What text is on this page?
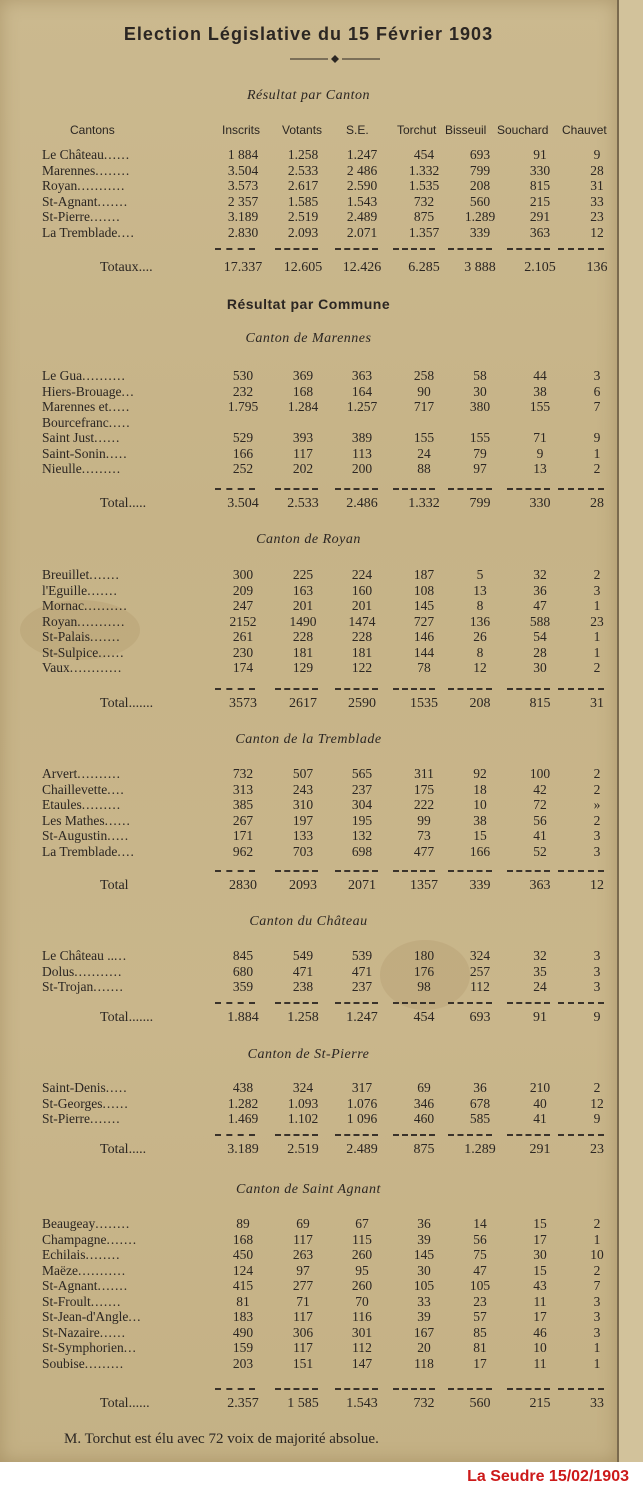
Election Législative du 15 Février 1903
Cantons	Inscrits Votants S.E. Torchut Bisseuil Souchard Chauvet
Résultat par Canton
Le Château......	1 884	1.258	1.247	454	693	91	9
Marennes........	3.504	2.533	2 486	1.332	799	330	28
Royan...........	3.573	2.617	2.590	1.535	208	815	31
St-Agnant.......	2 357	1.585	1.543	732	560	215	33
St-Pierre.......	3.189	2.519	2.489	875	1.289	291	23
La Tremblade....	2.830	2.093	2.071	1.357	339	363	12
Totaux....	17.337	12.605	12.426	6.285	3 888	2.105	136
Résultat par Commune
Canton de Marennes
Le Gua..........	530	369	363	258	58	44	3
Hiers-Brouage...	232	168	164	90	30	38	6
Marennes et.....	1.795	1.284	1.257	717	380	155	7
Bourcefranc.....
Saint Just......	529	393	389	155	155	71	9
Saint-Sonin.....	166	117	113	24	79	9	1
Nieulle.........	252	202	200	88	97	13	2
Total.....	3.504	2.533	2.486	1.332	799	330	28
Canton de Royan
Breuillet.......	300	225	224	187	5	32	2
l'Eguille.......	209	163	160	108	13	36	3
Mornac..........	247	201	201	145	8	47	1
Royan...........	2152	1490	1474	727	136	588	23
St-Palais.......	261	228	228	146	26	54	1
St-Sulpice......	230	181	181	144	8	28	1
Vaux............	174	129	122	78	12	30	2
Total.......	3573	2617	2590	1535	208	815	31
Canton de la Tremblade
Arvert..........	732	507	565	311	92	100	2
Chaillevette....	313	243	237	175	18	42	2
Etaules.........	385	310	304	222	10	72	»
Les Mathes......	267	197	195	99	38	56	2
St-Augustin.....	171	133	132	73	15	41	3
La Tremblade....	962	703	698	477	166	52	3
Total	2830	2093	2071	1357	339	363	12
Canton du Château
Le Château .....	845	549	539	180	324	32	3
Dolus...........	680	471	471	176	257	35	3
St-Trojan.......	359	238	237	98	112	24	3
Total.......	1.884	1.258	1.247	454	693	91	9
Canton de St-Pierre
Saint-Denis.....	438	324	317	69	36	210	2
St-Georges......	1.282	1.093	1.076	346	678	40	12
St-Pierre.......	1.469	1.102	1 096	460	585	41	9
Total.....	3.189	2.519	2.489	875	1.289	291	23
Canton de Saint Agnant
Beaugeay........	89	69	67	36	14	15	2
Champagne.......	168	117	115	39	56	17	1
Echilais........	450	263	260	145	75	30	10
Maëze...........	124	97	95	30	47	15	2
St-Agnant.......	415	277	260	105	105	43	7
St-Froult.......	81	71	70	33	23	11	3
St-Jean-d'Angle...	183	117	116	39	57	17	3
St-Nazaire......	490	306	301	167	85	46	3
St-Symphorien...	159	117	112	20	81	10	1
Soubise.........	203	151	147	118	17	11	1
Total......	2.357	1 585	1.543	732	560	215	33
M. Torchut est élu avec 72 voix de majorité absolue.
La Seudre 15/02/1903
